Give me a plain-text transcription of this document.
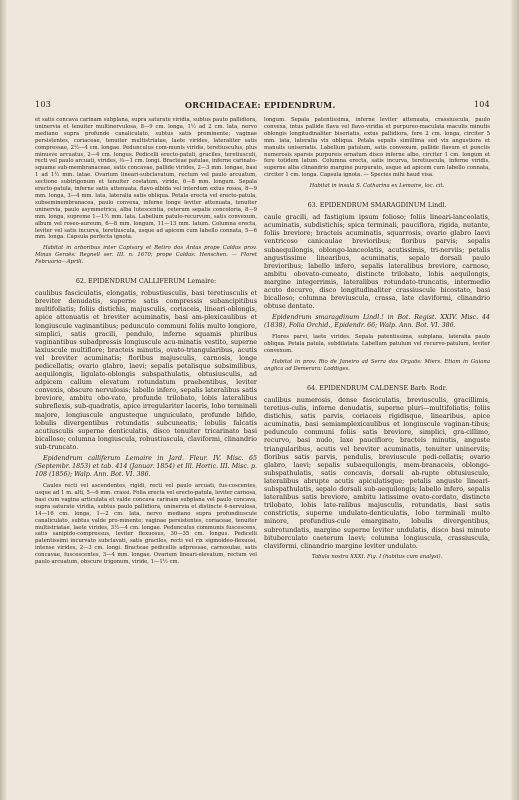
103	ORCHIDACEAE: EPIDENDRUM.	104

et satis concava carinam subplana, supra saturate viridia, subtus pauto pallidiora, uninervia et tenuiter multinervulosa, 8—9 cm. longa, 1½ ad 2 cm. lata, nervo mediano supra profunde canaliculato, subtus satis prominente; vaginae persistentes, coriaceae, tenuiter multistriatae, laete virides, lateraliter satis compressae, 2½—4 cm. longae. Pedunculus com-munis viridis, teretiusculus, plus minusve arcuatus, 2—4 cm. longus. Pedicelli erecto-patuli, graciles, teretiusculi, recti vel paulo arcuati, virides, ⅓—1 cm. longi. Bracteae patulae, inferne carinato-squame sub-membranaceae, satis concavae, pallide virides, 2—3 mm. longae, basi 1 ad 1½ mm. latae. Ovarium lineari-subclavatum, rectum vel paulo arcuatum, sectione subtrigonum et tenuiter costatum, viride, 6—8 mm. longum. Sepala erecto-patula, inferne satis attenuata, flavo-albida vel interdum extus rosea, 8—9 mm. longa, 3—4 mm. lata, lateralia satis obliqua. Petala erecta vel erecto-patula, subseminembranacea, paulo convexa, inferne longe leviter attenuata, tenuiter uninervia, paulo asymmetrica, alba lutescentia, ceterum sepalis concoloria, 8—9 mm. longa, supreme 1—1½ mm. lata. Labellum patulo-recurvum, satis convexum, album vel roseo-aureum, 6—8 mm. longum, 11—13 mm. latum. Columna erecta, leviter vel satis incurva, teretiuscula, usque ad apicem cum labello connata, 5—6 mm. longa. Capsula perfecta ignota.

Habitat in arboribus inter Capivary et Retiro dos Antas prope Caldas prov. Minas Geraës: Regnell ser. III. n. 1670; prope Caldas: Henschen. — Floret Februario—Aprili.

62. EPIDENDRUM CALLIFERUM Lemaire:

caulibus fasciculatis, elongatis, robustiusculis, basi teretiusculis et breviter denudatis, superne satis compressis subancipitibus multifoliatis; foliis distichis, majusculis, coriaceis, lineari-oblongis, apice attenuatis et breviter acuminatis, basi am-plexicaulibus et longiuscule vaginantibus; pedunculo communi foliis multo longiore, simplici, satis gracili, pendulo, inferne squamis pluribus vaginantibus subadpressis longiuscule acu-minatis vestito, superne laxiuscule multiflore; bracteis minutis, ovato-triangularibus, acutis vel breviter acuminatis; floribus majusculis, carnosis, longe pedicellatis; ovario glabro, laevi; sepalis petalisque subsimilibus, aequilongis, ligulato-oblongis subspathulatis, obtusiusculis, ad adpicem callum elevatum rotundatum praebentibus, leviter convexis, obscure nervulosis; labello infero, sepalis lateralibus satis breviore, ambitu obo-vato, profunde trilobato, lobis lateralibus subreflexis, sub-quadratis, apice irregulariter laceris, lobo terminali majore, longiuscule angusteque unguiculato, profunde bifido, lobulis divergentibus rotundatis subcuneatis; lobulis falcatis acutiusculis superne denticulatis, disco tenuiter tricarinato basi bicalloso; columna longiuscula, robustiuscula, claviformi, clinandrio sub-truncato.

Epidendrum calliferum Lemaire in Jard. Fleur. IV. Misc. 65 (Septembr. 1853) et tab. 414 (Januar. 1854) et Ill. Hortic. III. Misc. p. 108 (1856); Walp. Ann. Bot. VI. 386.

Caules recti vel ascendentes, rigidi, recti vel paulo arcuati, fus-coscentes, usque ad 1 m. alti, 5—6 mm. crassi. Folia erecta vel erecto-patula, leviter carnosa, basi cum vagina articulata et valde concava carinam subplana vel paulo concava, supra saturate viridia, subtus paulo pallidiora, uninervia et distincte 4-nervulosa, 14—16 cm. longa, 1—2 cm. lata, nervo mediano supra profundiuscule canaliculato, subtus valde pro-minente; vaginae persistentes, coriaceae, tenuiter multistriatae, laete virides, 3½—4 cm. longae. Pedunculus communis fuscescens, satis sanipido-compressus, leviter flexuosus, 30—35 cm. longus. Pedicelli patentissimi incurvato subclavati, satis graciles, recti vel rix sigmoideo-flexuosi, intense virides, 2—3 cm. longi. Bracteae pedicellis adpressae, carnosulae, satis concavae, fuscescentes, 3—4 mm. longae. Ovarium lineari-elevatum, rectum vel paulo arcuatum, obscure trigonum, viride, 1—1½ cm.

longum. Sepala patentissima, inferne leviter attenuata, crassiuscula, paulo convexa, intus pallide flava vel flavo-viridia et purpureo-maculata maculis minutis oblongis longitudinaliter biseriatis, extus pallidiora, fere 2 cm. longa, circiter 5 mm. lata, lateralia vix obliqua. Petala sepalis simillima sed vix angustiora et manulis uniseriatis. Labellum patulum, satis convexum, pallide flavum et punctis numerosis sparsis purpureis ornatum disco inferne albo, circiter 1 cm. longum et fere totidem latum. Columna erecta, satis incurva, teretiuscula, inferne viridis, superne alba clinandrio margine purpurato, usque ad apicem cum labello connata, circiter 1 cm. longa. Capsula ignota. — Species mihi haud visa.

Habitat in insula S. Catharina ex Lemaire, loc. cit.

63. EPIDENDRUM SMARAGDINUM Lindl.

caule gracili, ad fastigium ipsum folioso; foliis lineari-lanceolatis, acuminatis, subdistichis; spica terminali, pauciflora, rigida, nutante, foliis breviore; bracteis acuminatis, squarrosis, ovario glabro laevi ventricoso canicaulae brevioribus; floribus parvis; sepalis subaequilongis, oblongo-lanceolatis, acutissimis, tri-nerviis; petalis angustissime linearibus, acuminatis, sepalo dorsali paulo brevioribus; labello infero, sepalis lateralibus breviore, carnoso, ambitu obovato-cuneato, distincte trilobato, lobis aequilongis, margine integerrimis, lateralibus rotundato-truncatis, intermedio acuto decurvo, disco longitudinaliter crassiuscule bicostato, basi bicalloso; columna breviuscula, crassa, late claviformi, clinandrio obtuse dentato.

Epidendrum smaragdinum Lindl.! in Bot. Regist. XXIV. Misc. 44 (1838), Folia Orchid., Epidendr. 66; Walp. Ann. Bot. VI. 386.

Flores parvi, laete virides. Sepala patentissima, subplana, lateralia paulo obliqua. Petala patula, subdilatata. Labellum patulum vel recurvo-patulum, leviter convexum.

Habitat in prov. Rio de Janeiro ad Serra dos Orgaös: Miers. Etiam in Guiana anglica ad Demerara: Loddiges.

64. EPIDENDRUM CALDENSE Barb. Rodr.

caulibus numerosis, dense fasciculatis, breviusculis, gracillimis, teretius-culis, inferne denudatis, superne pluri—multifoliatis; foliis distichis, satis parvis, coriaceis rigidisque, linearibus, apice acuminatis, basi semiamplexicaulibus et longiuscule vaginan-tibus; pedunculo communi foliis satis breviore, simplici, gra-cillimo, recurvo, basi nudo, laxe paucifloro; bracteis minutis, anguste triangularibus, acutis vel breviter acuminatis, tenuiter uninerviis; floribus satis parvis, pendulis, breviuscule pedi-cellatis; ovario glabro, laevi; sepalis subaequilongis, mem-branaceis, oblongo-subspathulatis, satis concavis, dorsali ab-rupte obtusiusculo, lateralibus abrupte acutis apiculatisque; petalis anguste lineari-subspathulatis, sepalo dorsali sub-aequilongis; labello infero, sepalis lateralibus satis breviore, ambitu latissime ovato-cordato, distincte trilobato, lobis late-ralibus majusculis, rotundatis, basi satis constrictis, superne undulato-denticulatis, lobo terminali multo minore, profundius-cule emarginato, lobulis divergentibus, subrotundatis, margine superne leviter undulatis, disco basi minute bituberculato caeterum laevi; columna longiuscula, crassiuscula, claviformi, clinandrio margine leviter undulato.

Tabula nostra XXXI. Fig. I (habitus cum analysi).
